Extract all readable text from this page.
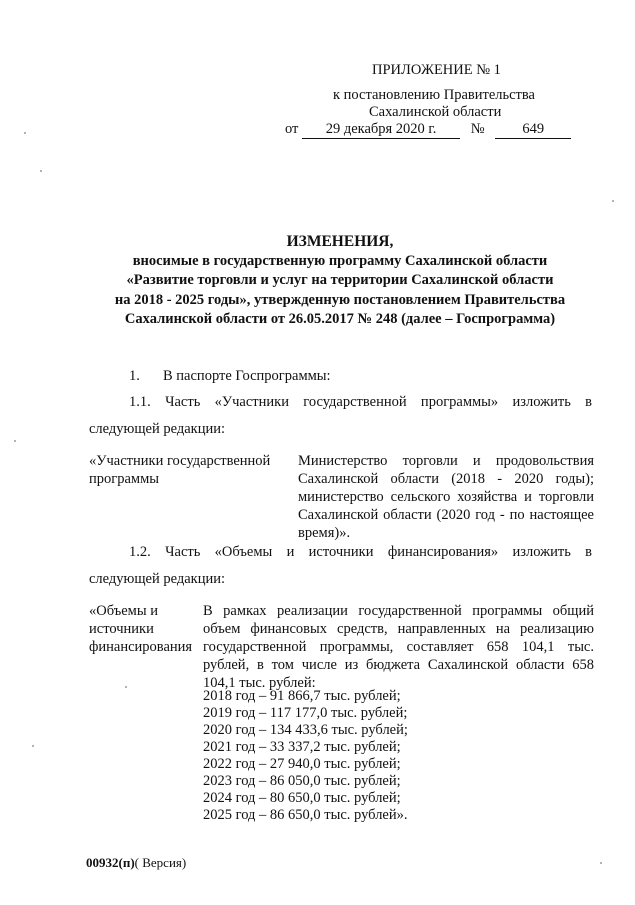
ПРИЛОЖЕНИЕ № 1
к постановлению Правительства
Сахалинской области
от 29 декабря 2020 г. №	649
ИЗМЕНЕНИЯ,
вносимые в государственную программу Сахалинской области
«Развитие торговли и услуг на территории Сахалинской области
на 2018 - 2025 годы», утвержденную постановлением Правительства
Сахалинской области от 26.05.2017 № 248 (далее – Госпрограмма)
1. В паспорте Госпрограммы:
1.1. Часть «Участники государственной программы» изложить в
следующей редакции:
«Участники государственной программы
Министерство торговли и продовольствия Сахалинской области (2018 - 2020 годы); министерство сельского хозяйства и торговли Сахалинской области (2020 год - по настоящее время)».
1.2. Часть «Объемы и источники финансирования» изложить в
следующей редакции:
«Объемы и
источники
финансирования
В рамках реализации государственной программы общий объем финансовых средств, направленных на реализацию государственной программы, составляет 658 104,1 тыс. рублей, в том числе из бюджета Сахалинской области 658 104,1 тыс. рублей:
2018 год – 91 866,7 тыс. рублей;
2019 год – 117 177,0 тыс. рублей;
2020 год – 134 433,6 тыс. рублей;
2021 год – 33 337,2 тыс. рублей;
2022 год – 27 940,0 тыс. рублей;
2023 год – 86 050,0 тыс. рублей;
2024 год – 80 650,0 тыс. рублей;
2025 год – 86 650,0 тыс. рублей».
00932(п)( Версия)
